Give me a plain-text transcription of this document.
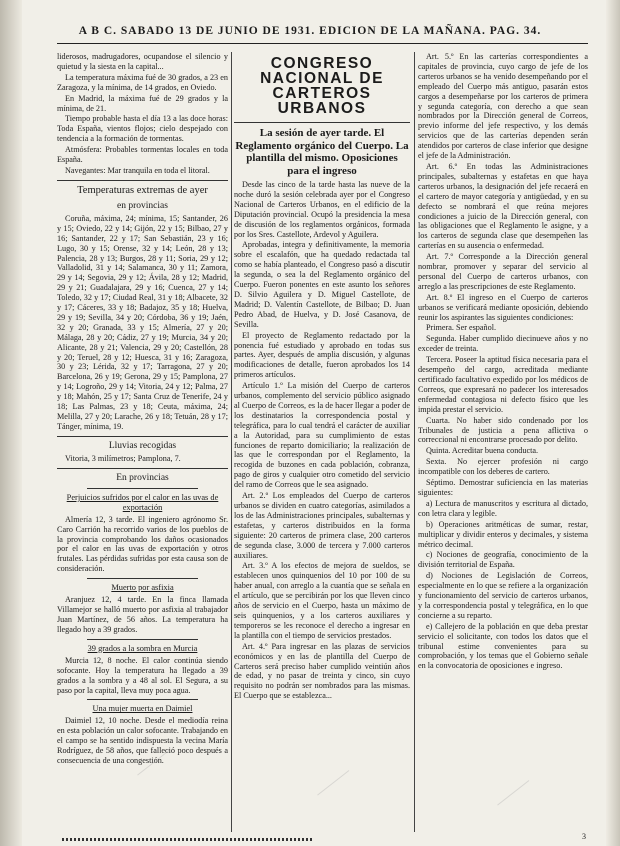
A B C. SABADO 13 DE JUNIO DE 1931. EDICION DE LA MAÑANA. PAG. 34.

liderosos, madrugadores, ocupandose el silencio y quietud y la siesta en la capital...

La temperatura máxima fué de 30 grados, a 23 en Zaragoza, y la mínima, de 14 grados, en Oviedo.

En Madrid, la máxima fué de 29 grados y la mínima, de 21.

Tiempo probable hasta el día 13 a las doce horas: Toda España, vientos flojos; cielo despejado con tendencia a la formación de tormentas.

Atmósfera: Probables tormentas locales en toda España.

Navegantes: Mar tranquila en toda el litoral.

Temperaturas extremas de ayer
en provincias

Coruña, máxima, 24; mínima, 15; Santander, 26 y 15; Oviedo, 22 y 14; Gijón, 22 y 15; Bilbao, 27 y 16; Santander, 22 y 17; San Sebastián, 23 y 16; Lugo, 30 y 15; Orense, 32 y 14; León, 28 y 13; Palencia, 28 y 13; Burgos, 28 y 11; Soria, 29 y 12; Valladolid, 31 y 14; Salamanca, 30 y 11; Zamora, 29 y 14; Segovia, 29 y 12; Ávila, 28 y 12; Madrid, 29 y 21; Guadalajara, 29 y 16; Cuenca, 27 y 14; Toledo, 32 y 17; Ciudad Real, 31 y 18; Albacete, 32 y 17; Cáceres, 33 y 18; Badajoz, 35 y 18; Huelva, 29 y 19; Sevilla, 34 y 20; Córdoba, 36 y 19; Jaén, 32 y 20; Granada, 33 y 15; Almería, 27 y 20; Málaga, 28 y 20; Cádiz, 27 y 19; Murcia, 34 y 20; Alicante, 28 y 21; Valencia, 29 y 20; Castellón, 28 y 20; Teruel, 28 y 12; Huesca, 31 y 16; Zaragoza, 30 y 23; Lérida, 32 y 17; Tarragona, 27 y 20; Barcelona, 26 y 19; Gerona, 29 y 15; Pamplona, 27 y 14; Logroño, 29 y 14; Vitoria, 24 y 12; Palma, 27 y 18; Mahón, 25 y 17; Santa Cruz de Tenerife, 24 y 18; Las Palmas, 23 y 18; Ceuta, máxima, 24; Melilla, 27 y 20; Larache, 26 y 18; Tetuán, 28 y 17; Tánger, mínima, 19.

Lluvias recogidas

Vitoria, 3 milímetros; Pamplona, 7.

En provincias
Perjuicios sufridos por el calor en las uvas de exportación

Almería 12, 3 tarde. El ingeniero agrónomo Sr. Caro Carrión ha recorrido varios de los pueblos de la provincia comprobando los daños ocasionados por el calor en las uvas de exportación y otros frutales. Las pérdidas sufridas por esta causa son de consideración.

Muerto por asfixia

Aranjuez 12, 4 tarde. En la finca llamada Villamejor se halló muerto por asfixia al trabajador Juan Martínez, de 56 años. La temperatura ha llegado hoy a 39 grados.

39 grados a la sombra en Murcia

Murcia 12, 8 noche. El calor continúa siendo sofocante. Hoy la temperatura ha llegado a 39 grados a la sombra y a 48 al sol. El Segura, a su paso por la capital, lleva muy poca agua.

Una mujer muerta en Daimiel

Daimiel 12, 10 noche. Desde el mediodía reina en esta población un calor sofocante. Trabajando en el campo se ha sentido indispuesta la vecina María Rodríguez, de 58 años, que falleció poco después a consecuencia de una congestión.

CONGRESO NACIONAL DE CARTEROS URBANOS
La sesión de ayer tarde. El Reglamento orgánico del Cuerpo. La plantilla del mismo. Oposiciones para el ingreso

Desde las cinco de la tarde hasta las nueve de la noche duró la sesión celebrada ayer por el Congreso Nacional de Carteros Urbanos, en el edificio de la Diputación provincial. Ocupó la presidencia la mesa de discusión de los reglamentos orgánicos, formada por los Sres. Castellote, Ardevol y Aguilera.

Aprobadas, integra y definitivamente, la memoria sobre el escalafón, que ha quedado redactada tal como se había planteado, el Congreso pasó a discutir la segunda, o sea la del Reglamento orgánico del Cuerpo. Fueron ponentes en este asunto los señores D. Silvio Aguilera y D. Miguel Castellote, de Madrid; D. Valentín Castellote, de Bilbao; D. Juan Pedro Abad, de Huelva, y D. José Casanova, de Sevilla.

El proyecto de Reglamento redactado por la ponencia fué estudiado y aprobado en todas sus partes. Ayer, después de amplia discusión, y algunas modificaciones de detalle, fueron aprobados los 14 primeros artículos.

Artículo 1.º La misión del Cuerpo de carteros urbanos, complemento del servicio público asignado al Cuerpo de Correos, es la de hacer llegar a poder de los destinatarios la correspondencia postal y telegráfica, para lo cual tendrá el carácter de auxiliar a la Autoridad, para su cumplimiento de estas funciones de reparto domiciliario; la realización de las que le correspondan por el Reglamento, la recogida de buzones en cada población, cobranza, pago de giros y cualquier otro cometido del servicio del ramo de Correos que le sea asignado.

Art. 2.º Los empleados del Cuerpo de carteros urbanos se dividen en cuatro categorías, asimilados a los de las Administraciones principales, subalternas y estafetas, y carteros distribuidos en la forma siguiente: 20 carteros de primera clase, 200 carteros de segunda clase, 3.000 de tercera y 7.000 carteros auxiliares.

Art. 3.º A los efectos de mejora de sueldos, se establecen unos quinquenios del 10 por 100 de su haber anual, con arreglo a la cuantía que se señala en el artículo, que se percibirán por los que lleven cinco años de servicio en el Cuerpo, hasta un máximo de seis quinquenios, y a los carteros auxiliares y temporeros se les reconoce el derecho a ingresar en la plantilla con el tiempo de servicios prestados.

Art. 4.º Para ingresar en las plazas de servicios económicos y en las de plantilla del Cuerpo de Carteros será preciso haber cumplido veintiún años de edad, y no pasar de treinta y cinco, sin cuyo requisito no podrán ser nombrados para las mismas. El Cuerpo que se establezca...

Art. 5.º En las carterías correspondientes a capitales de provincia, cuyo cargo de jefe de los carteros urbanos se ha venido desempeñando por el empleado del Cuerpo más antiguo, pasarán estos cargos a desempeñarse por los carteros de primera y segunda categoría, con derecho a que sean nombrados por la Dirección general de Correos, previo informe del jefe respectivo, y los demás servicios que de las carterías dependen serán atendidos por carteros de clase inferior que designe el jefe de la Administración.

Art. 6.º En todas las Administraciones principales, subalternas y estafetas en que haya carteros urbanos, la designación del jefe recaerá en el cartero de mayor categoría y antigüedad, y en su defecto se nombrará el que reúna mejores condiciones a juicio de la Dirección general, con las obligaciones que el Reglamento le asigne, y a los carteros de segunda clase que desempeñen las carterías en su ausencia o enfermedad.

Art. 7.º Corresponde a la Dirección general nombrar, promover y separar del servicio al personal del Cuerpo de carteros urbanos, con arreglo a las prescripciones de este Reglamento.

Art. 8.º El ingreso en el Cuerpo de carteros urbanos se verificará mediante oposición, debiendo reunir los aspirantes las siguientes condiciones:

Primera. Ser español.

Segunda. Haber cumplido diecinueve años y no exceder de treinta.

Tercera. Poseer la aptitud física necesaria para el desempeño del cargo, acreditada mediante certificado facultativo expedido por los médicos de Correos, que expresará no padecer los interesados enfermedad contagiosa ni defecto físico que les impida prestar el servicio.

Cuarta. No haber sido condenado por los Tribunales de justicia a pena aflictiva o correccional ni encontrarse procesado por delito.

Quinta. Acreditar buena conducta.

Sexta. No ejercer profesión ni cargo incompatible con los deberes de cartero.

Séptimo. Demostrar suficiencia en las materias siguientes:

a) Lectura de manuscritos y escritura al dictado, con letra clara y legible.

b) Operaciones aritméticas de sumar, restar, multiplicar y dividir enteros y decimales, y sistema métrico decimal.

c) Nociones de geografía, conocimiento de la división territorial de España.

d) Nociones de Legislación de Correos, especialmente en lo que se refiere a la organización y funcionamiento del servicio de carteros urbanos, y la correspondencia postal y telegráfica, en lo que concierne a su reparto.

e) Callejero de la población en que deba prestar servicio el solicitante, con todos los datos que el tribunal estime convenientes para su comprobación, y los temas que el Gobierno señale en la convocatoria de oposiciones e ingreso.

3
